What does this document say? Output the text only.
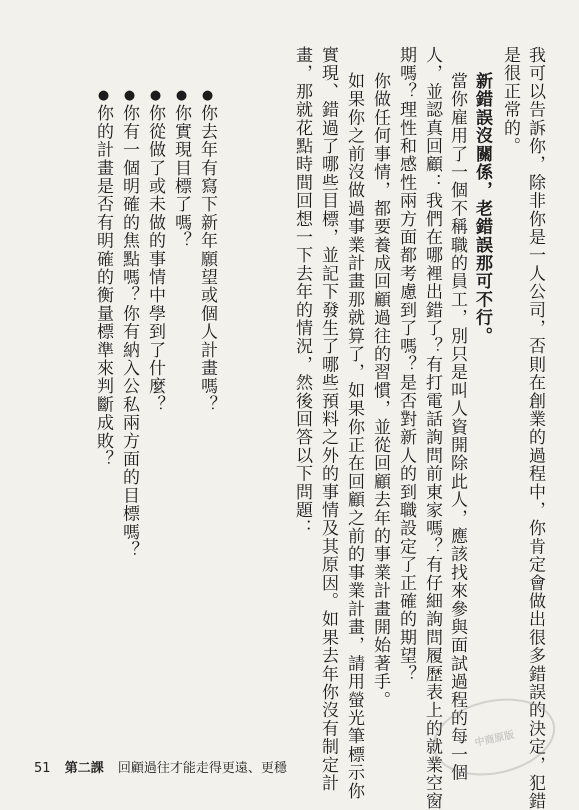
我可以告訴你，除非你是一人公司，否則在創業的過程中，你肯定會做出很多錯誤的決定，犯錯
是很正常的。
新錯誤沒關係，老錯誤那可不行。
當你雇用了一個不稱職的員工，別只是叫人資開除此人，應該找來參與面試過程的每一個
人，並認真回顧：我們在哪裡出錯了？有打電話詢問前東家嗎？有仔細詢問履歷表上的就業空窗
期嗎？理性和感性兩方面都考慮到了嗎？是否對新人的到職設定了正確的期望？
你做任何事情，都要養成回顧過往的習慣，並從回顧去年的事業計畫開始著手。
如果你之前沒做過事業計畫那就算了，如果你正在回顧之前的事業計畫，請用螢光筆標示你
實現、錯過了哪些目標，並記下發生了哪些預料之外的事情及其原因。如果去年你沒有制定計
畫，那就花點時間回想一下去年的情況，然後回答以下問題：
●你去年有寫下新年願望或個人計畫嗎？
●你實現目標了嗎？
●你從做了或未做的事情中學到了什麼？
●你有一個明確的焦點嗎？你有納入公私兩方面的目標嗎？
●你的計畫是否有明確的衡量標準來判斷成敗？
中商原版
51 第二課 回顧過往才能走得更遠、更穩
